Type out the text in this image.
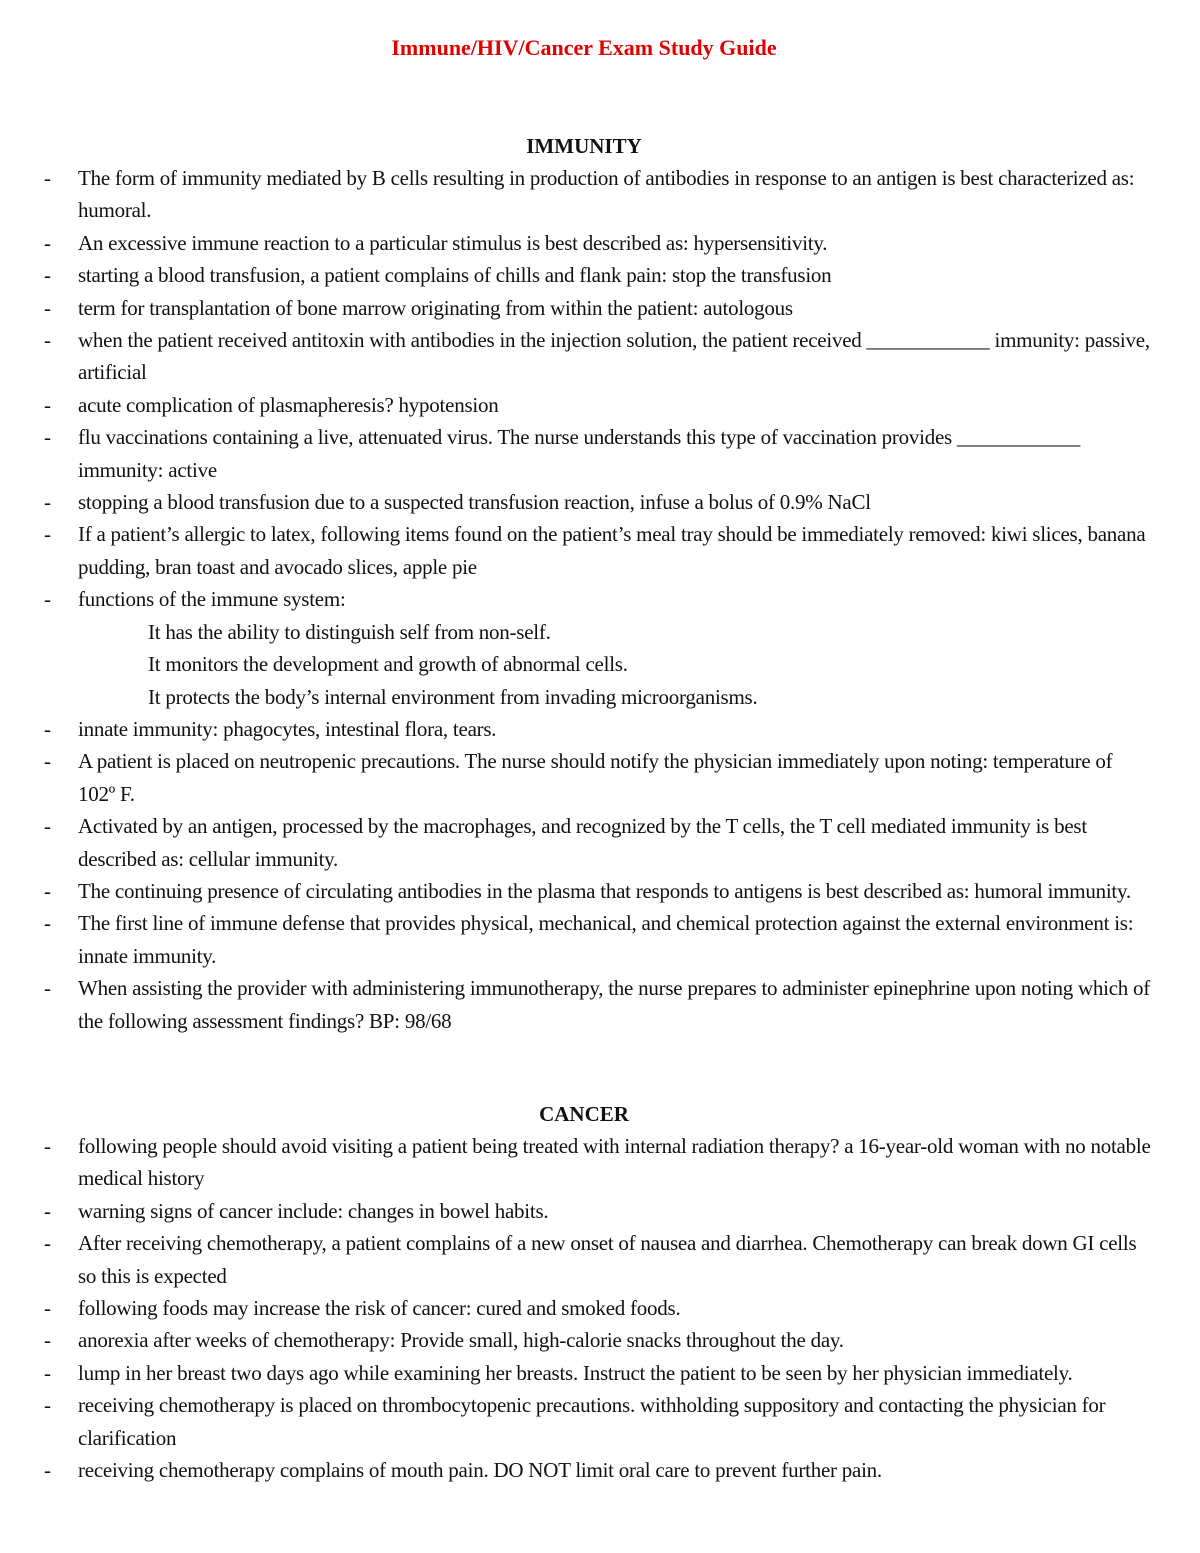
Immune/HIV/Cancer Exam Study Guide
IMMUNITY
- The form of immunity mediated by B cells resulting in production of antibodies in response to an antigen is best characterized as: humoral.
- An excessive immune reaction to a particular stimulus is best described as: hypersensitivity.
- starting a blood transfusion, a patient complains of chills and flank pain: stop the transfusion
- term for transplantation of bone marrow originating from within the patient: autologous
- when the patient received antitoxin with antibodies in the injection solution, the patient received ____________ immunity: passive, artificial
- acute complication of plasmapheresis? hypotension
- flu vaccinations containing a live, attenuated virus. The nurse understands this type of vaccination provides ____________ immunity: active
- stopping a blood transfusion due to a suspected transfusion reaction, infuse a bolus of 0.9% NaCl
- If a patient’s allergic to latex, following items found on the patient’s meal tray should be immediately removed: kiwi slices, banana pudding, bran toast and avocado slices, apple pie
- functions of the immune system:
It has the ability to distinguish self from non-self.
It monitors the development and growth of abnormal cells.
It protects the body’s internal environment from invading microorganisms.
- innate immunity: phagocytes, intestinal flora, tears.
- A patient is placed on neutropenic precautions. The nurse should notify the physician immediately upon noting: temperature of 102º F.
- Activated by an antigen, processed by the macrophages, and recognized by the T cells, the T cell mediated immunity is best described as: cellular immunity.
- The continuing presence of circulating antibodies in the plasma that responds to antigens is best described as: humoral immunity.
- The first line of immune defense that provides physical, mechanical, and chemical protection against the external environment is: innate immunity.
- When assisting the provider with administering immunotherapy, the nurse prepares to administer epinephrine upon noting which of the following assessment findings? BP: 98/68
CANCER
- following people should avoid visiting a patient being treated with internal radiation therapy? a 16-year-old woman with no notable medical history
- warning signs of cancer include: changes in bowel habits.
- After receiving chemotherapy, a patient complains of a new onset of nausea and diarrhea. Chemotherapy can break down GI cells so this is expected
- following foods may increase the risk of cancer: cured and smoked foods.
- anorexia after weeks of chemotherapy: Provide small, high-calorie snacks throughout the day.
- lump in her breast two days ago while examining her breasts. Instruct the patient to be seen by her physician immediately.
- receiving chemotherapy is placed on thrombocytopenic precautions. withholding suppository and contacting the physician for clarification
- receiving chemotherapy complains of mouth pain. DO NOT limit oral care to prevent further pain.
